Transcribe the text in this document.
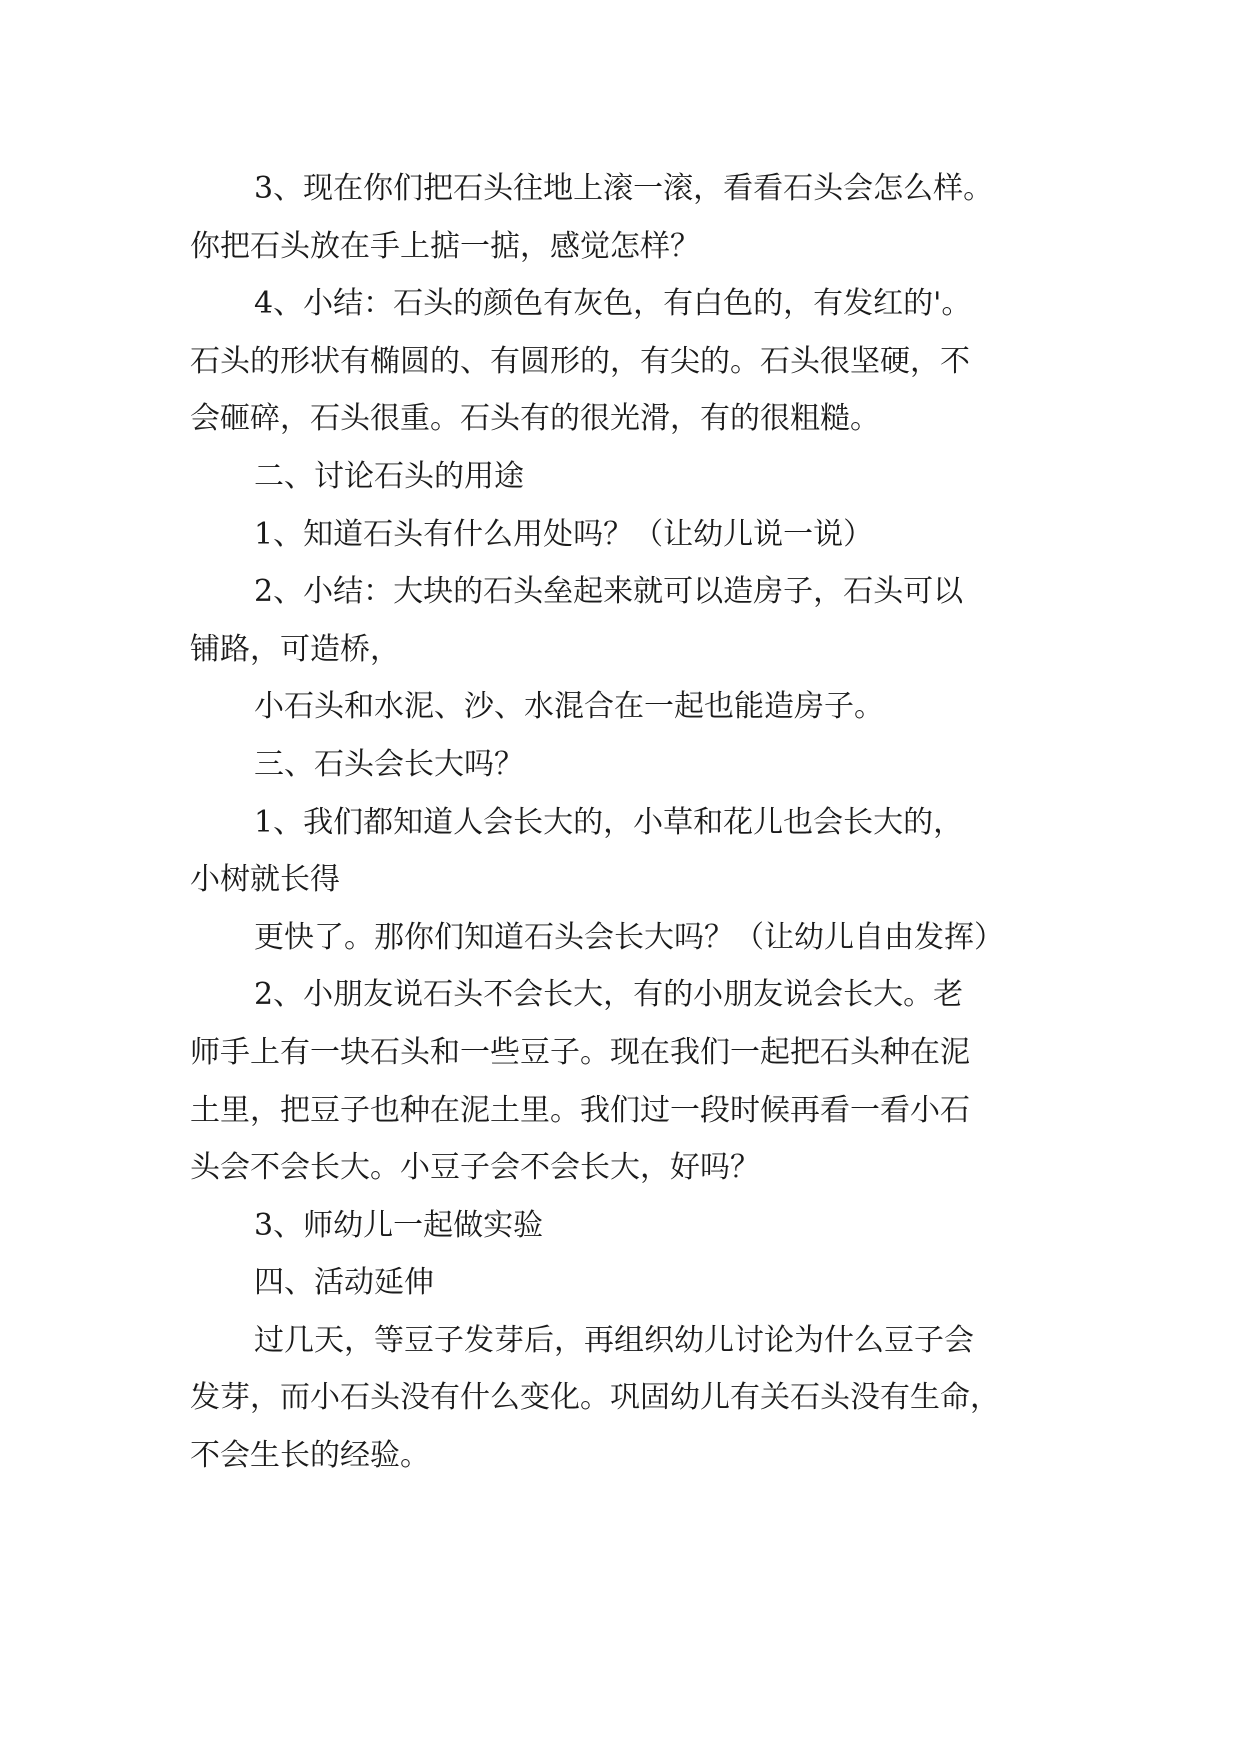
3、现在你们把石头往地上滚一滚，看看石头会怎么样。
你把石头放在手上掂一掂，感觉怎样？
4、小结：石头的颜色有灰色，有白色的，有发红的'。
石头的形状有椭圆的、有圆形的，有尖的。石头很坚硬，不
会砸碎，石头很重。石头有的很光滑，有的很粗糙。
二、讨论石头的用途
1、知道石头有什么用处吗？（让幼儿说一说）
2、小结：大块的石头垒起来就可以造房子，石头可以
铺路，可造桥，
小石头和水泥、沙、水混合在一起也能造房子。
三、石头会长大吗？
1、我们都知道人会长大的，小草和花儿也会长大的，
小树就长得
更快了。那你们知道石头会长大吗？（让幼儿自由发挥）
2、小朋友说石头不会长大，有的小朋友说会长大。老
师手上有一块石头和一些豆子。现在我们一起把石头种在泥
土里，把豆子也种在泥土里。我们过一段时候再看一看小石
头会不会长大。小豆子会不会长大，好吗？
3、师幼儿一起做实验
四、活动延伸
过几天，等豆子发芽后，再组织幼儿讨论为什么豆子会
发芽，而小石头没有什么变化。巩固幼儿有关石头没有生命，
不会生长的经验。
